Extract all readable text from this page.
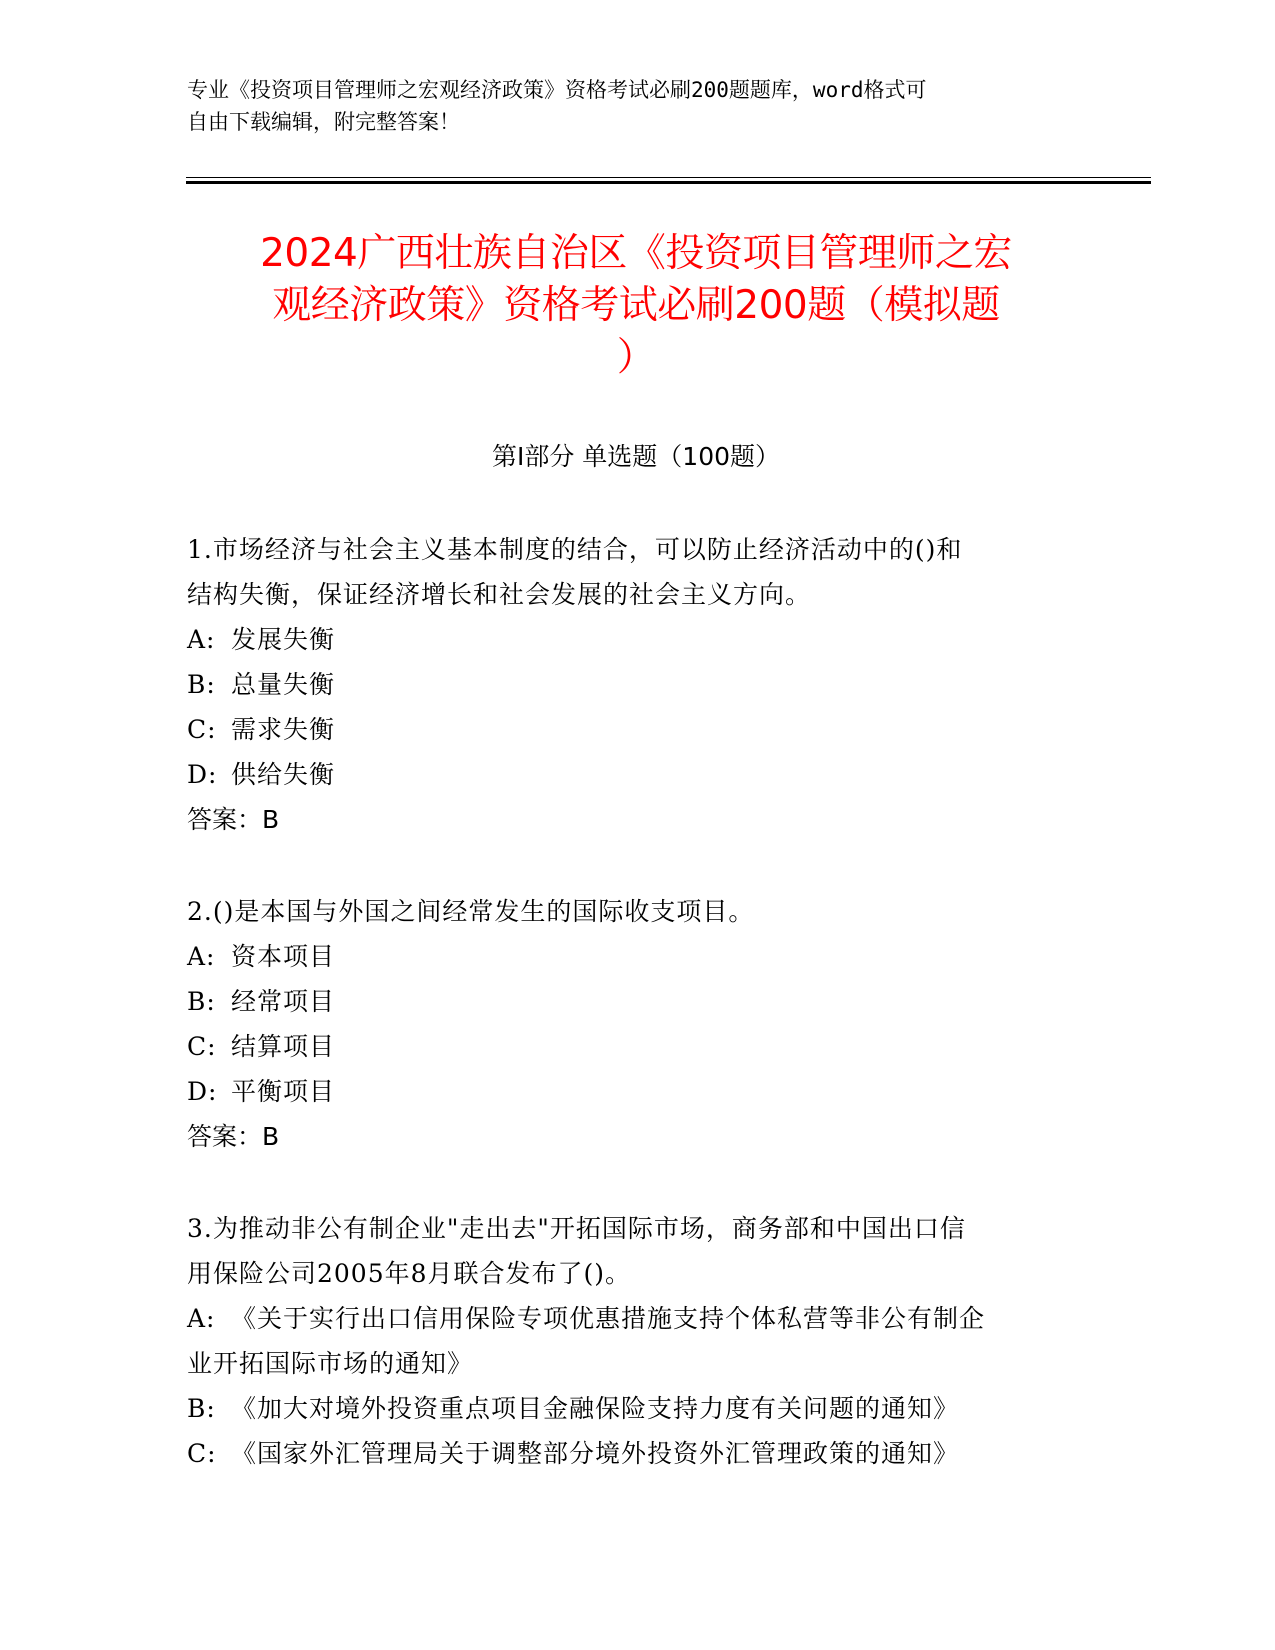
专业《投资项目管理师之宏观经济政策》资格考试必刷200题题库，word格式可
自由下载编辑，附完整答案！
2024广西壮族自治区《投资项目管理师之宏
观经济政策》资格考试必刷200题（模拟题
）
第Ⅰ部分 单选题（100题）
1.市场经济与社会主义基本制度的结合，可以防止经济活动中的()和
结构失衡，保证经济增长和社会发展的社会主义方向。
A: 发展失衡
B: 总量失衡
C: 需求失衡
D: 供给失衡
答案：B
2.()是本国与外国之间经常发生的国际收支项目。
A: 资本项目
B: 经常项目
C: 结算项目
D: 平衡项目
答案：B
3.为推动非公有制企业"走出去"开拓国际市场，商务部和中国出口信
用保险公司2005年8月联合发布了()。
A: 《关于实行出口信用保险专项优惠措施支持个体私营等非公有制企
业开拓国际市场的通知》
B: 《加大对境外投资重点项目金融保险支持力度有关问题的通知》
C: 《国家外汇管理局关于调整部分境外投资外汇管理政策的通知》
